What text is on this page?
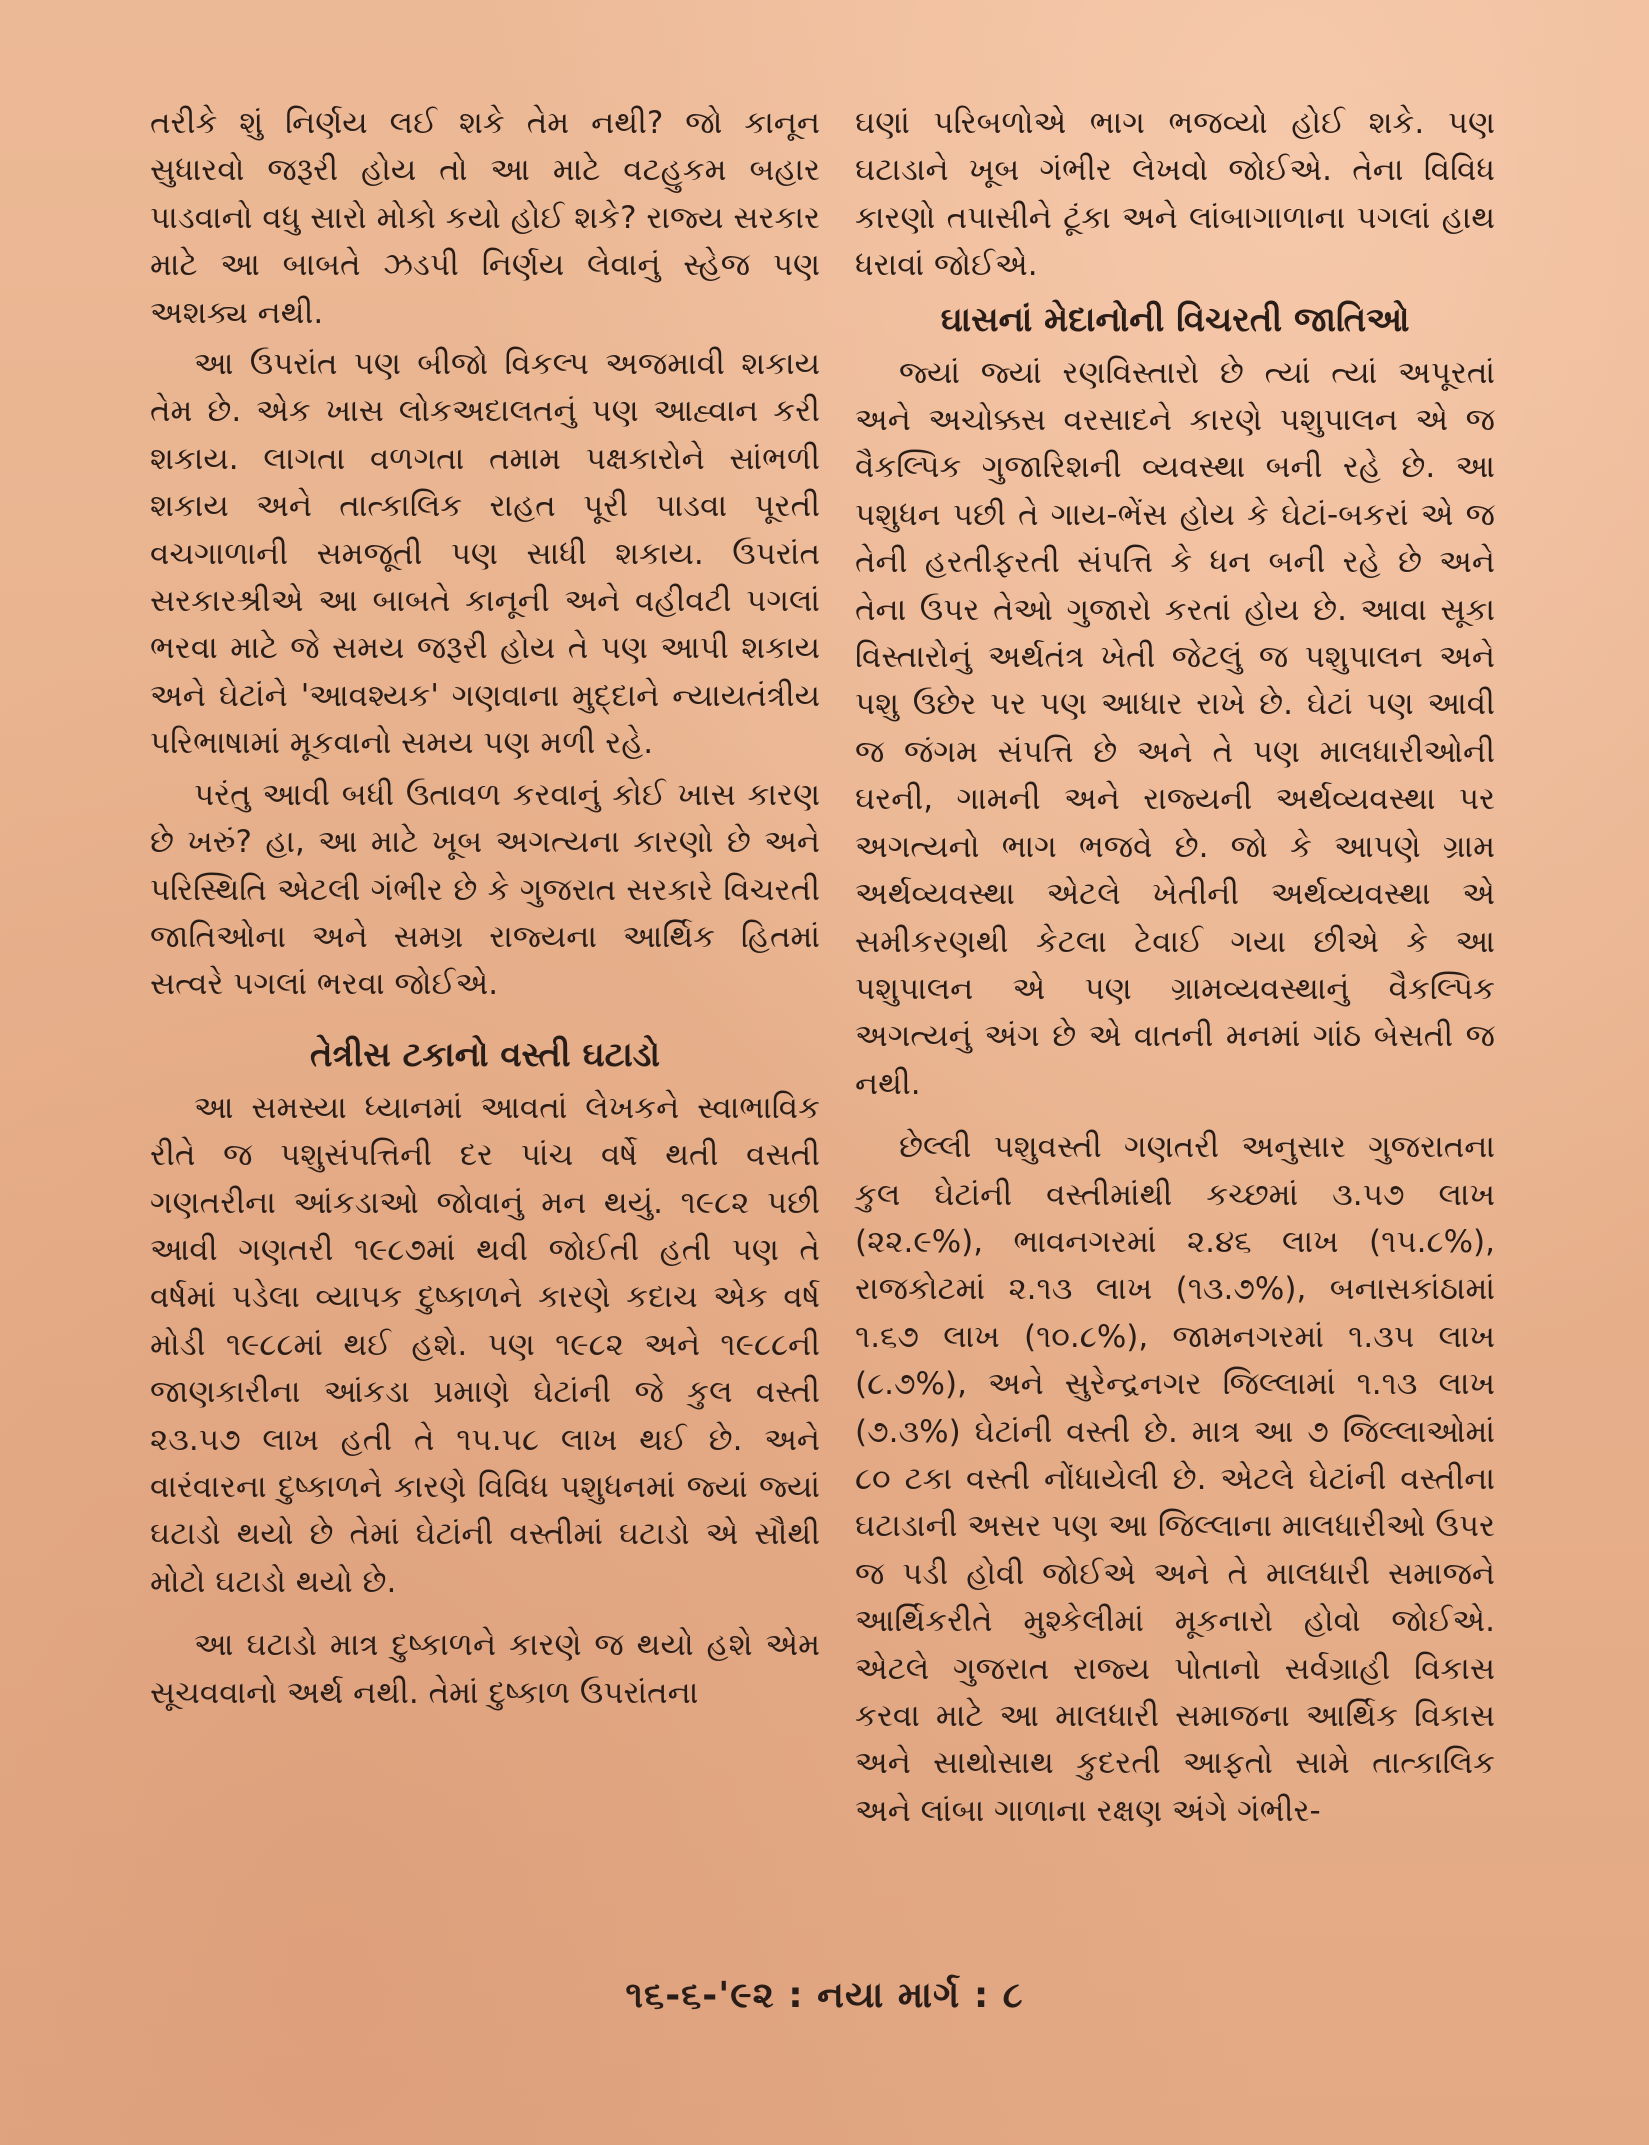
તરીકે શું નિર્ણય લઈ શકે તેમ નથી? જો કાનૂન સુધારવો જરૂરી હોય તો આ માટે વટહુકમ બહાર પાડવાનો વધુ સારો મોકો કયો હોઈ શકે? રાજ્ય સરકાર માટે આ બાબતે ઝડપી નિર્ણય લેવાનું સ્હેજ પણ અશક્ય નથી.

આ ઉપરાંત પણ બીજો વિકલ્પ અજમાવી શકાય તેમ છે. એક ખાસ લોકઅદાલતનું પણ આહ્વાન કરી શકાય. લાગતા વળગતા તમામ પક્ષકારોને સાંભળી શકાય અને તાત્કાલિક રાહત પૂરી પાડવા પૂરતી વચગાળાની સમજૂતી પણ સાધી શકાય. ઉપરાંત સરકારશ્રીએ આ બાબતે કાનૂની અને વહીવટી પગલાં ભરવા માટે જે સમય જરૂરી હોય તે પણ આપી શકાય અને ઘેટાંને 'આવશ્યક' ગણવાના મુદ્દાને ન્યાયતંત્રીય પરિભાષામાં મૂકવાનો સમય પણ મળી રહે.

પરંતુ આવી બધી ઉતાવળ કરવાનું કોઈ ખાસ કારણ છે ખરું? હા, આ માટે ખૂબ અગત્યના કારણો છે અને પરિસ્થિતિ એટલી ગંભીર છે કે ગુજરાત સરકારે વિચરતી જાતિઓના અને સમગ્ર રાજ્યના આર્થિક હિતમાં સત્વરે પગલાં ભરવા જોઈએ.

તેત્રીસ ટકાનો વસ્તી ઘટાડો

આ સમસ્યા ધ્યાનમાં આવતાં લેખકને સ્વાભાવિક રીતે જ પશુસંપત્તિની દર પાંચ વર્ષે થતી વસતી ગણતરીના આંકડાઓ જોવાનું મન થયું. ૧૯૮૨ પછી આવી ગણતરી ૧૯૮૭માં થવી જોઈતી હતી પણ તે વર્ષમાં પડેલા વ્યાપક દુષ્કાળને કારણે કદાચ એક વર્ષ મોડી ૧૯૮૮માં થઈ હશે. પણ ૧૯૮૨ અને ૧૯૮૮ની જાણકારીના આંકડા પ્રમાણે ઘેટાંની જે કુલ વસ્તી ૨૩.૫૭ લાખ હતી તે ૧૫.૫૮ લાખ થઈ છે. અને વારંવારના દુષ્કાળને કારણે વિવિધ પશુધનમાં જ્યાં જ્યાં ઘટાડો થયો છે તેમાં ઘેટાંની વસ્તીમાં ઘટાડો એ સૌથી મોટો ઘટાડો થયો છે.

આ ઘટાડો માત્ર દુષ્કાળને કારણે જ થયો હશે એમ સૂચવવાનો અર્થ નથી. તેમાં દુષ્કાળ ઉપરાંતના

ઘણાં પરિબળોએ ભાગ ભજવ્યો હોઈ શકે. પણ ઘટાડાને ખૂબ ગંભીર લેખવો જોઈએ. તેના વિવિધ કારણો તપાસીને ટૂંકા અને લાંબાગાળાના પગલાં હાથ ધરાવાં જોઈએ.

ઘાસનાં મેદાનોની વિચરતી જાતિઓ

જ્યાં જ્યાં રણવિસ્તારો છે ત્યાં ત્યાં અપૂરતાં અને અચોક્કસ વરસાદને કારણે પશુપાલન એ જ વૈકલ્પિક ગુજારિશની વ્યવસ્થા બની રહે છે. આ પશુધન પછી તે ગાય-ભેંસ હોય કે ઘેટાં-બકરાં એ જ તેની હરતીફરતી સંપત્તિ કે ધન બની રહે છે અને તેના ઉપર તેઓ ગુજારો કરતાં હોય છે. આવા સૂકા વિસ્તારોનું અર્થતંત્ર ખેતી જેટલું જ પશુપાલન અને પશુ ઉછેર પર પણ આધાર રાખે છે. ઘેટાં પણ આવી જ જંગમ સંપત્તિ છે અને તે પણ માલધારીઓની ઘરની, ગામની અને રાજ્યની અર્થવ્યવસ્થા પર અગત્યનો ભાગ ભજવે છે. જો કે આપણે ગ્રામ અર્થવ્યવસ્થા એટલે ખેતીની અર્થવ્યવસ્થા એ સમીકરણથી કેટલા ટેવાઈ ગયા છીએ કે આ પશુપાલન એ પણ ગ્રામવ્યવસ્થાનું વૈકલ્પિક અગત્યનું અંગ છે એ વાતની મનમાં ગાંઠ બેસતી જ નથી.

છેલ્લી પશુવસ્તી ગણતરી અનુસાર ગુજરાતના કુલ ઘેટાંની વસ્તીમાંથી કચ્છમાં ૩.૫૭ લાખ (૨૨.૯%), ભાવનગરમાં ૨.૪૬ લાખ (૧૫.૮%), રાજકોટમાં ૨.૧૩ લાખ (૧૩.૭%), બનાસકાંઠામાં ૧.૬૭ લાખ (૧૦.૮%), જામનગરમાં ૧.૩૫ લાખ (૮.૭%), અને સુરેન્દ્રનગર જિલ્લામાં ૧.૧૩ લાખ (૭.૩%) ઘેટાંની વસ્તી છે. માત્ર આ ૭ જિલ્લાઓમાં ૮૦ ટકા વસ્તી નોંધાયેલી છે. એટલે ઘેટાંની વસ્તીના ઘટાડાની અસર પણ આ જિલ્લાના માલધારીઓ ઉપર જ પડી હોવી જોઈએ અને તે માલધારી સમાજને આર્થિકરીતે મુશ્કેલીમાં મૂકનારો હોવો જોઈએ. એટલે ગુજરાત રાજ્ય પોતાનો સર્વગ્રાહી વિકાસ કરવા માટે આ માલધારી સમાજના આર્થિક વિકાસ અને સાથોસાથ કુદરતી આફતો સામે તાત્કાલિક અને લાંબા ગાળાના રક્ષણ અંગે ગંભીર-

૧૬-૬-'૯૨ : નયા માર્ગ : ૮
